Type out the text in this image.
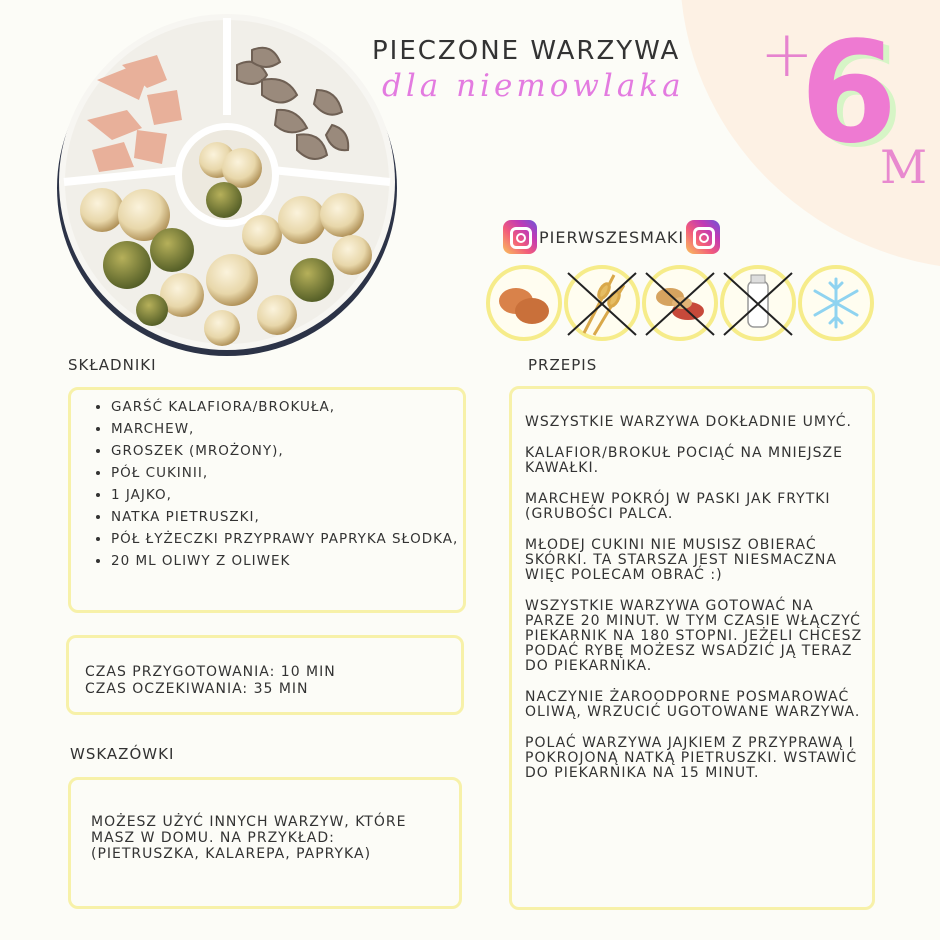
PIECZONE WARZYWA
dla niemowlaka +
6
M
PIERWSZESMAKI
SKŁADNIKI
• GARŚĆ KALAFIORA/BROKUŁA,
• MARCHEW,
• GROSZEK (MROŻONY),
• PÓŁ CUKINII,
• 1 JAJKO,
• NATKA PIETRUSZKI,
• PÓŁ ŁYŻECZKI PRZYPRAWY PAPRYKA SŁODKA,
• 20 ML OLIWY Z OLIWEK
CZAS PRZYGOTOWANIA: 10 MIN
CZAS OCZEKIWANIA: 35 MIN
WSKAZÓWKI
MOŻESZ UŻYĆ INNYCH WARZYW, KTÓRE MASZ W DOMU. NA PRZYKŁAD: (PIETRUSZKA, KALAREPA, PAPRYKA)
PRZEPIS

WSZYSTKIE WARZYWA DOKŁADNIE UMYĆ.

KALAFIOR/BROKUŁ POCIĄĆ NA MNIEJSZE KAWAŁKI.

MARCHEW POKRÓJ W PASKI JAK FRYTKI (GRUBOŚCI PALCA.

MŁODEJ CUKINI NIE MUSISZ OBIERAĆ SKÓRKI. TA STARSZA JEST NIESMACZNA WIĘC POLECAM OBRAĆ :)

WSZYSTKIE WARZYWA GOTOWAĆ NA PARZE 20 MINUT. W TYM CZASIE WŁĄCZYĆ PIEKARNIK NA 180 STOPNI. JEŻELI CHCESZ PODAĆ RYBĘ MOŻESZ WSADZIĆ JĄ TERAZ DO PIEKARNIKA.

NACZYNIE ŻAROODPORNE POSMAROWAĆ OLIWĄ, WRZUCIĆ UGOTOWANE WARZYWA.

POLAĆ WARZYWA JAJKIEM Z PRZYPRAWĄ I POKROJONĄ NATKĄ PIETRUSZKI. WSTAWIĆ DO PIEKARNIKA NA 15 MINUT.
